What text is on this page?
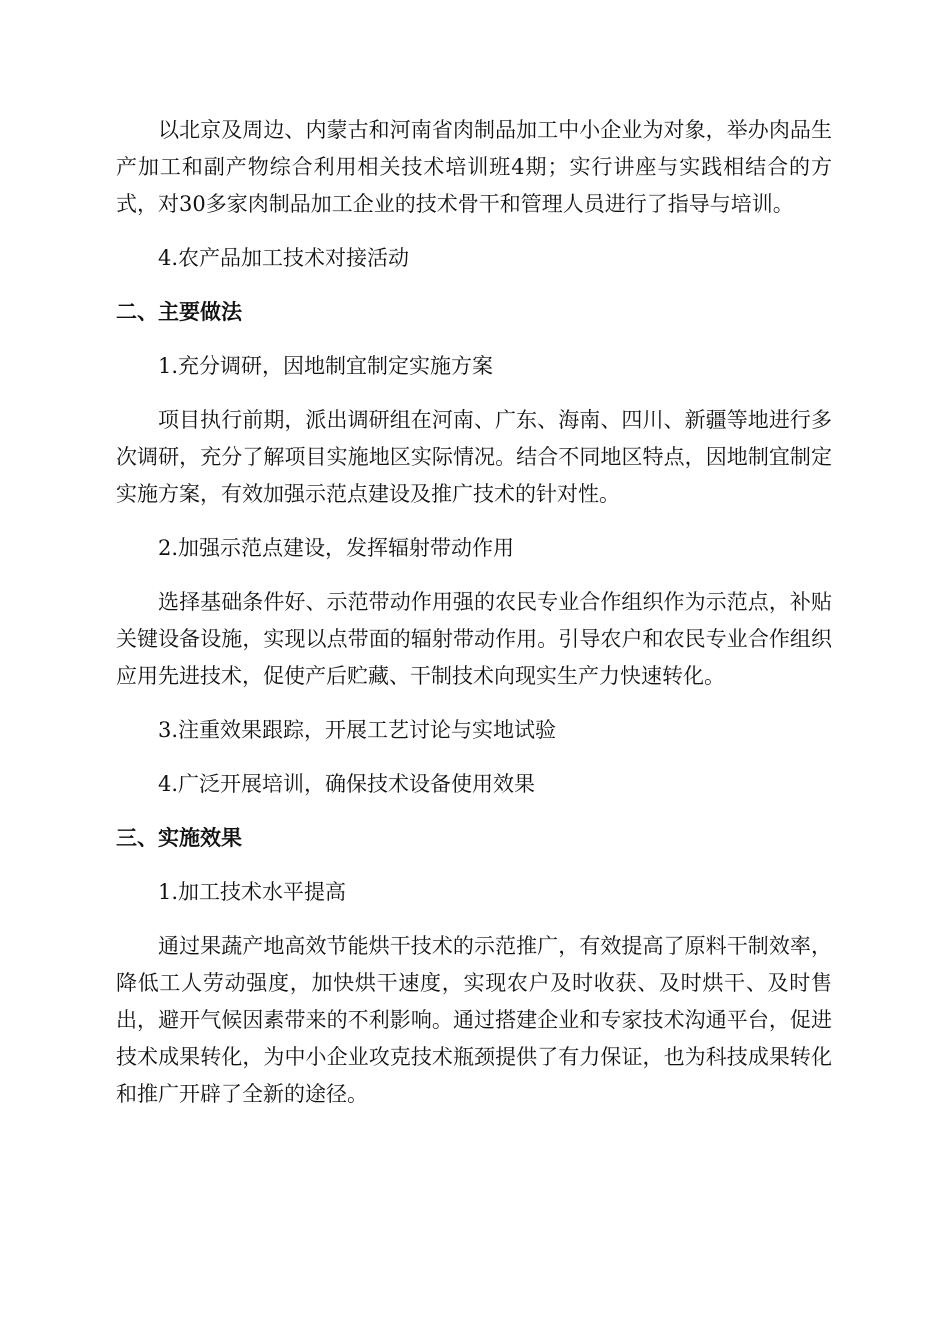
以北京及周边、内蒙古和河南省肉制品加工中小企业为对象，举办肉品生产加工和副产物综合利用相关技术培训班4期；实行讲座与实践相结合的方式，对30多家肉制品加工企业的技术骨干和管理人员进行了指导与培训。

4.农产品加工技术对接活动

二、主要做法

1.充分调研，因地制宜制定实施方案

项目执行前期，派出调研组在河南、广东、海南、四川、新疆等地进行多次调研，充分了解项目实施地区实际情况。结合不同地区特点，因地制宜制定实施方案，有效加强示范点建设及推广技术的针对性。

2.加强示范点建设，发挥辐射带动作用

选择基础条件好、示范带动作用强的农民专业合作组织作为示范点，补贴关键设备设施，实现以点带面的辐射带动作用。引导农户和农民专业合作组织应用先进技术，促使产后贮藏、干制技术向现实生产力快速转化。

3.注重效果跟踪，开展工艺讨论与实地试验

4.广泛开展培训，确保技术设备使用效果

三、实施效果

1.加工技术水平提高

通过果蔬产地高效节能烘干技术的示范推广，有效提高了原料干制效率，降低工人劳动强度，加快烘干速度，实现农户及时收获、及时烘干、及时售出，避开气候因素带来的不利影响。通过搭建企业和专家技术沟通平台，促进技术成果转化，为中小企业攻克技术瓶颈提供了有力保证，也为科技成果转化和推广开辟了全新的途径。
